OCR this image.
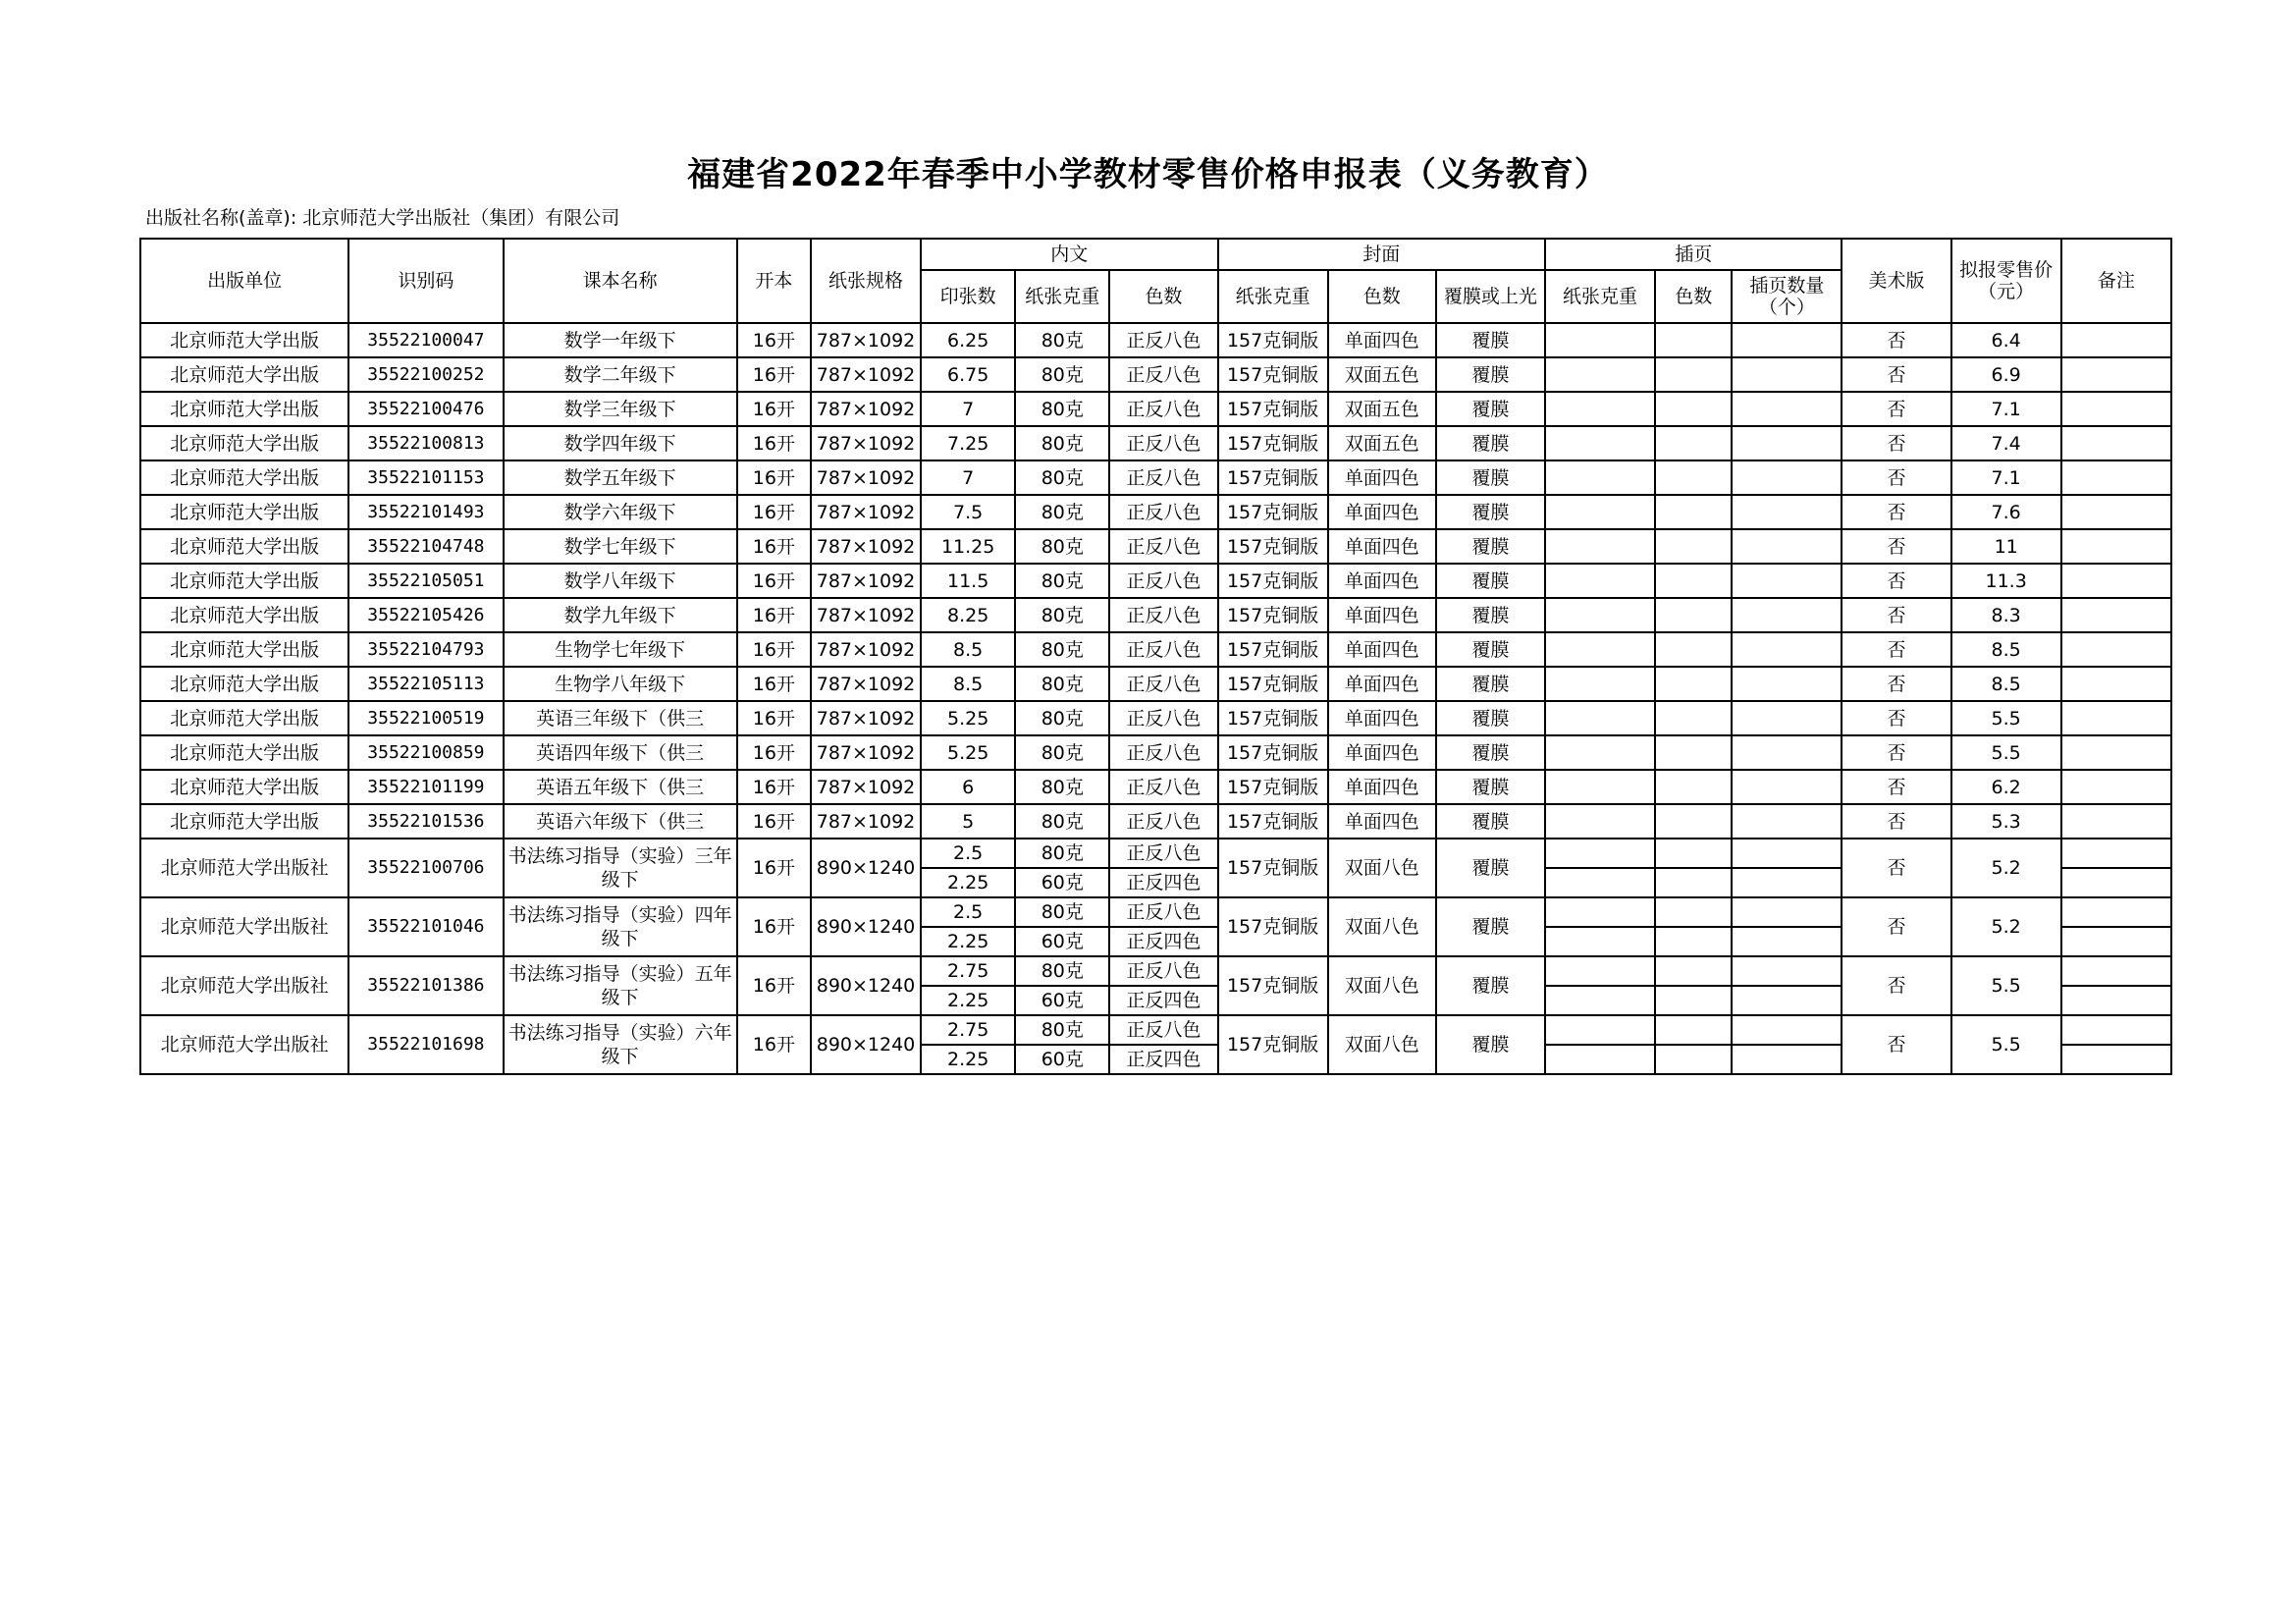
福建省2022年春季中小学教材零售价格申报表（义务教育）
出版社名称(盖章): 北京师范大学出版社（集团）有限公司
出版单位	识别码	课本名称	开本	纸张规格	内文			封面			插页			美术版	拟报零售价（元）	备注
					印张数	纸张克重	色数	纸张克重	色数	覆膜或上光	纸张克重	色数	插页数量（个）			
北京师范大学出版	35522100047	数学一年级下	16开	787×1092	6.25	80克	正反八色	157克铜版	单面四色	覆膜				否	6.4	
北京师范大学出版	35522100252	数学二年级下	16开	787×1092	6.75	80克	正反八色	157克铜版	双面五色	覆膜				否	6.9	
北京师范大学出版	35522100476	数学三年级下	16开	787×1092	7	80克	正反八色	157克铜版	双面五色	覆膜				否	7.1	
北京师范大学出版	35522100813	数学四年级下	16开	787×1092	7.25	80克	正反八色	157克铜版	双面五色	覆膜				否	7.4	
北京师范大学出版	35522101153	数学五年级下	16开	787×1092	7	80克	正反八色	157克铜版	单面四色	覆膜				否	7.1	
北京师范大学出版	35522101493	数学六年级下	16开	787×1092	7.5	80克	正反八色	157克铜版	单面四色	覆膜				否	7.6	
北京师范大学出版	35522104748	数学七年级下	16开	787×1092	11.25	80克	正反八色	157克铜版	单面四色	覆膜				否	11	
北京师范大学出版	35522105051	数学八年级下	16开	787×1092	11.5	80克	正反八色	157克铜版	单面四色	覆膜				否	11.3	
北京师范大学出版	35522105426	数学九年级下	16开	787×1092	8.25	80克	正反八色	157克铜版	单面四色	覆膜				否	8.3	
北京师范大学出版	35522104793	生物学七年级下	16开	787×1092	8.5	80克	正反八色	157克铜版	单面四色	覆膜				否	8.5	
北京师范大学出版	35522105113	生物学八年级下	16开	787×1092	8.5	80克	正反八色	157克铜版	单面四色	覆膜				否	8.5	
北京师范大学出版	35522100519	英语三年级下（供三	16开	787×1092	5.25	80克	正反八色	157克铜版	单面四色	覆膜				否	5.5	
北京师范大学出版	35522100859	英语四年级下（供三	16开	787×1092	5.25	80克	正反八色	157克铜版	单面四色	覆膜				否	5.5	
北京师范大学出版	35522101199	英语五年级下（供三	16开	787×1092	6	80克	正反八色	157克铜版	单面四色	覆膜				否	6.2	
北京师范大学出版	35522101536	英语六年级下（供三	16开	787×1092	5	80克	正反八色	157克铜版	单面四色	覆膜				否	5.3	
北京师范大学出版社	35522100706	书法练习指导（实验）三年级下	16开	890×1240	2.5	80克	正反八色	157克铜版	双面八色	覆膜				否	5.2	
					2.25	60克	正反四色									
北京师范大学出版社	35522101046	书法练习指导（实验）四年级下	16开	890×1240	2.5	80克	正反八色	157克铜版	双面八色	覆膜				否	5.2	
					2.25	60克	正反四色									
北京师范大学出版社	35522101386	书法练习指导（实验）五年级下	16开	890×1240	2.75	80克	正反八色	157克铜版	双面八色	覆膜				否	5.5	
					2.25	60克	正反四色									
北京师范大学出版社	35522101698	书法练习指导（实验）六年级下	16开	890×1240	2.75	80克	正反八色	157克铜版	双面八色	覆膜				否	5.5	
					2.25	60克	正反四色									
